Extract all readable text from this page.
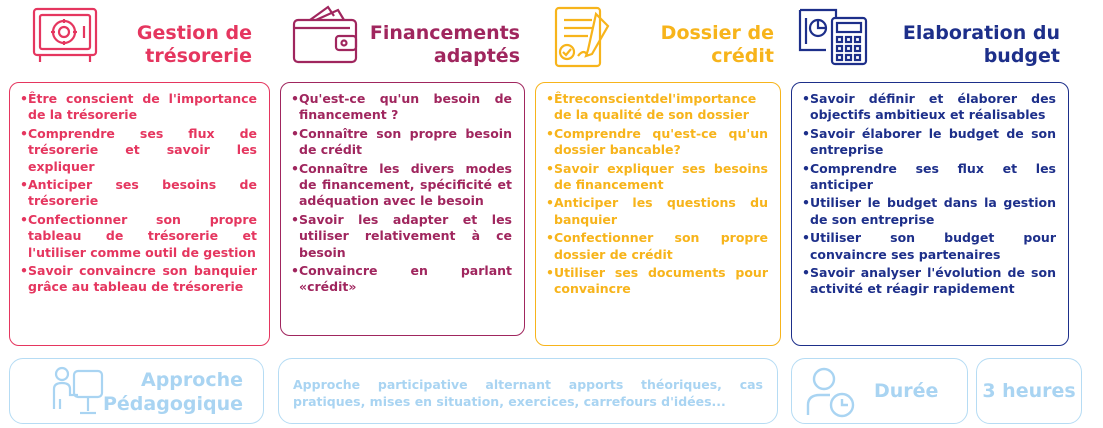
Gestion de
trésorerie
• Être conscient de l'importance de la trésorerie
• Comprendre ses flux de trésorerie et savoir les expliquer
• Anticiper ses besoins de trésorerie
• Confectionner son propre tableau de trésorerie et l'utiliser comme outil de gestion
• Savoir convaincre son banquier grâce au tableau de trésorerie
Financements
adaptés
• Qu'est-ce qu'un besoin de financement ?
• Connaître son propre besoin de crédit
• Connaître les divers modes de financement, spécificité et adéquation avec le besoin
• Savoir les adapter et les utiliser relativement à ce besoin
• Convaincre en parlant «crédit»
Dossier de
crédit
• Êtreconscientdel'importance de la qualité de son dossier
• Comprendre qu'est-ce qu'un dossier bancable?
• Savoir expliquer ses besoins de financement
• Anticiper les questions du banquier
• Confectionner son propre dossier de crédit
• Utiliser ses documents pour convaincre
Elaboration du
budget
• Savoir définir et élaborer des objectifs ambitieux et réalisables
• Savoir élaborer le budget de son entreprise
• Comprendre ses flux et les anticiper
• Utiliser le budget dans la gestion de son entreprise
• Utiliser son budget pour convaincre ses partenaires
• Savoir analyser l'évolution de son activité et réagir rapidement
Approche
Pédagogique
Approche participative alternant apports théoriques, cas pratiques, mises en situation, exercices, carrefours d'idées...	Durée 3 heures
